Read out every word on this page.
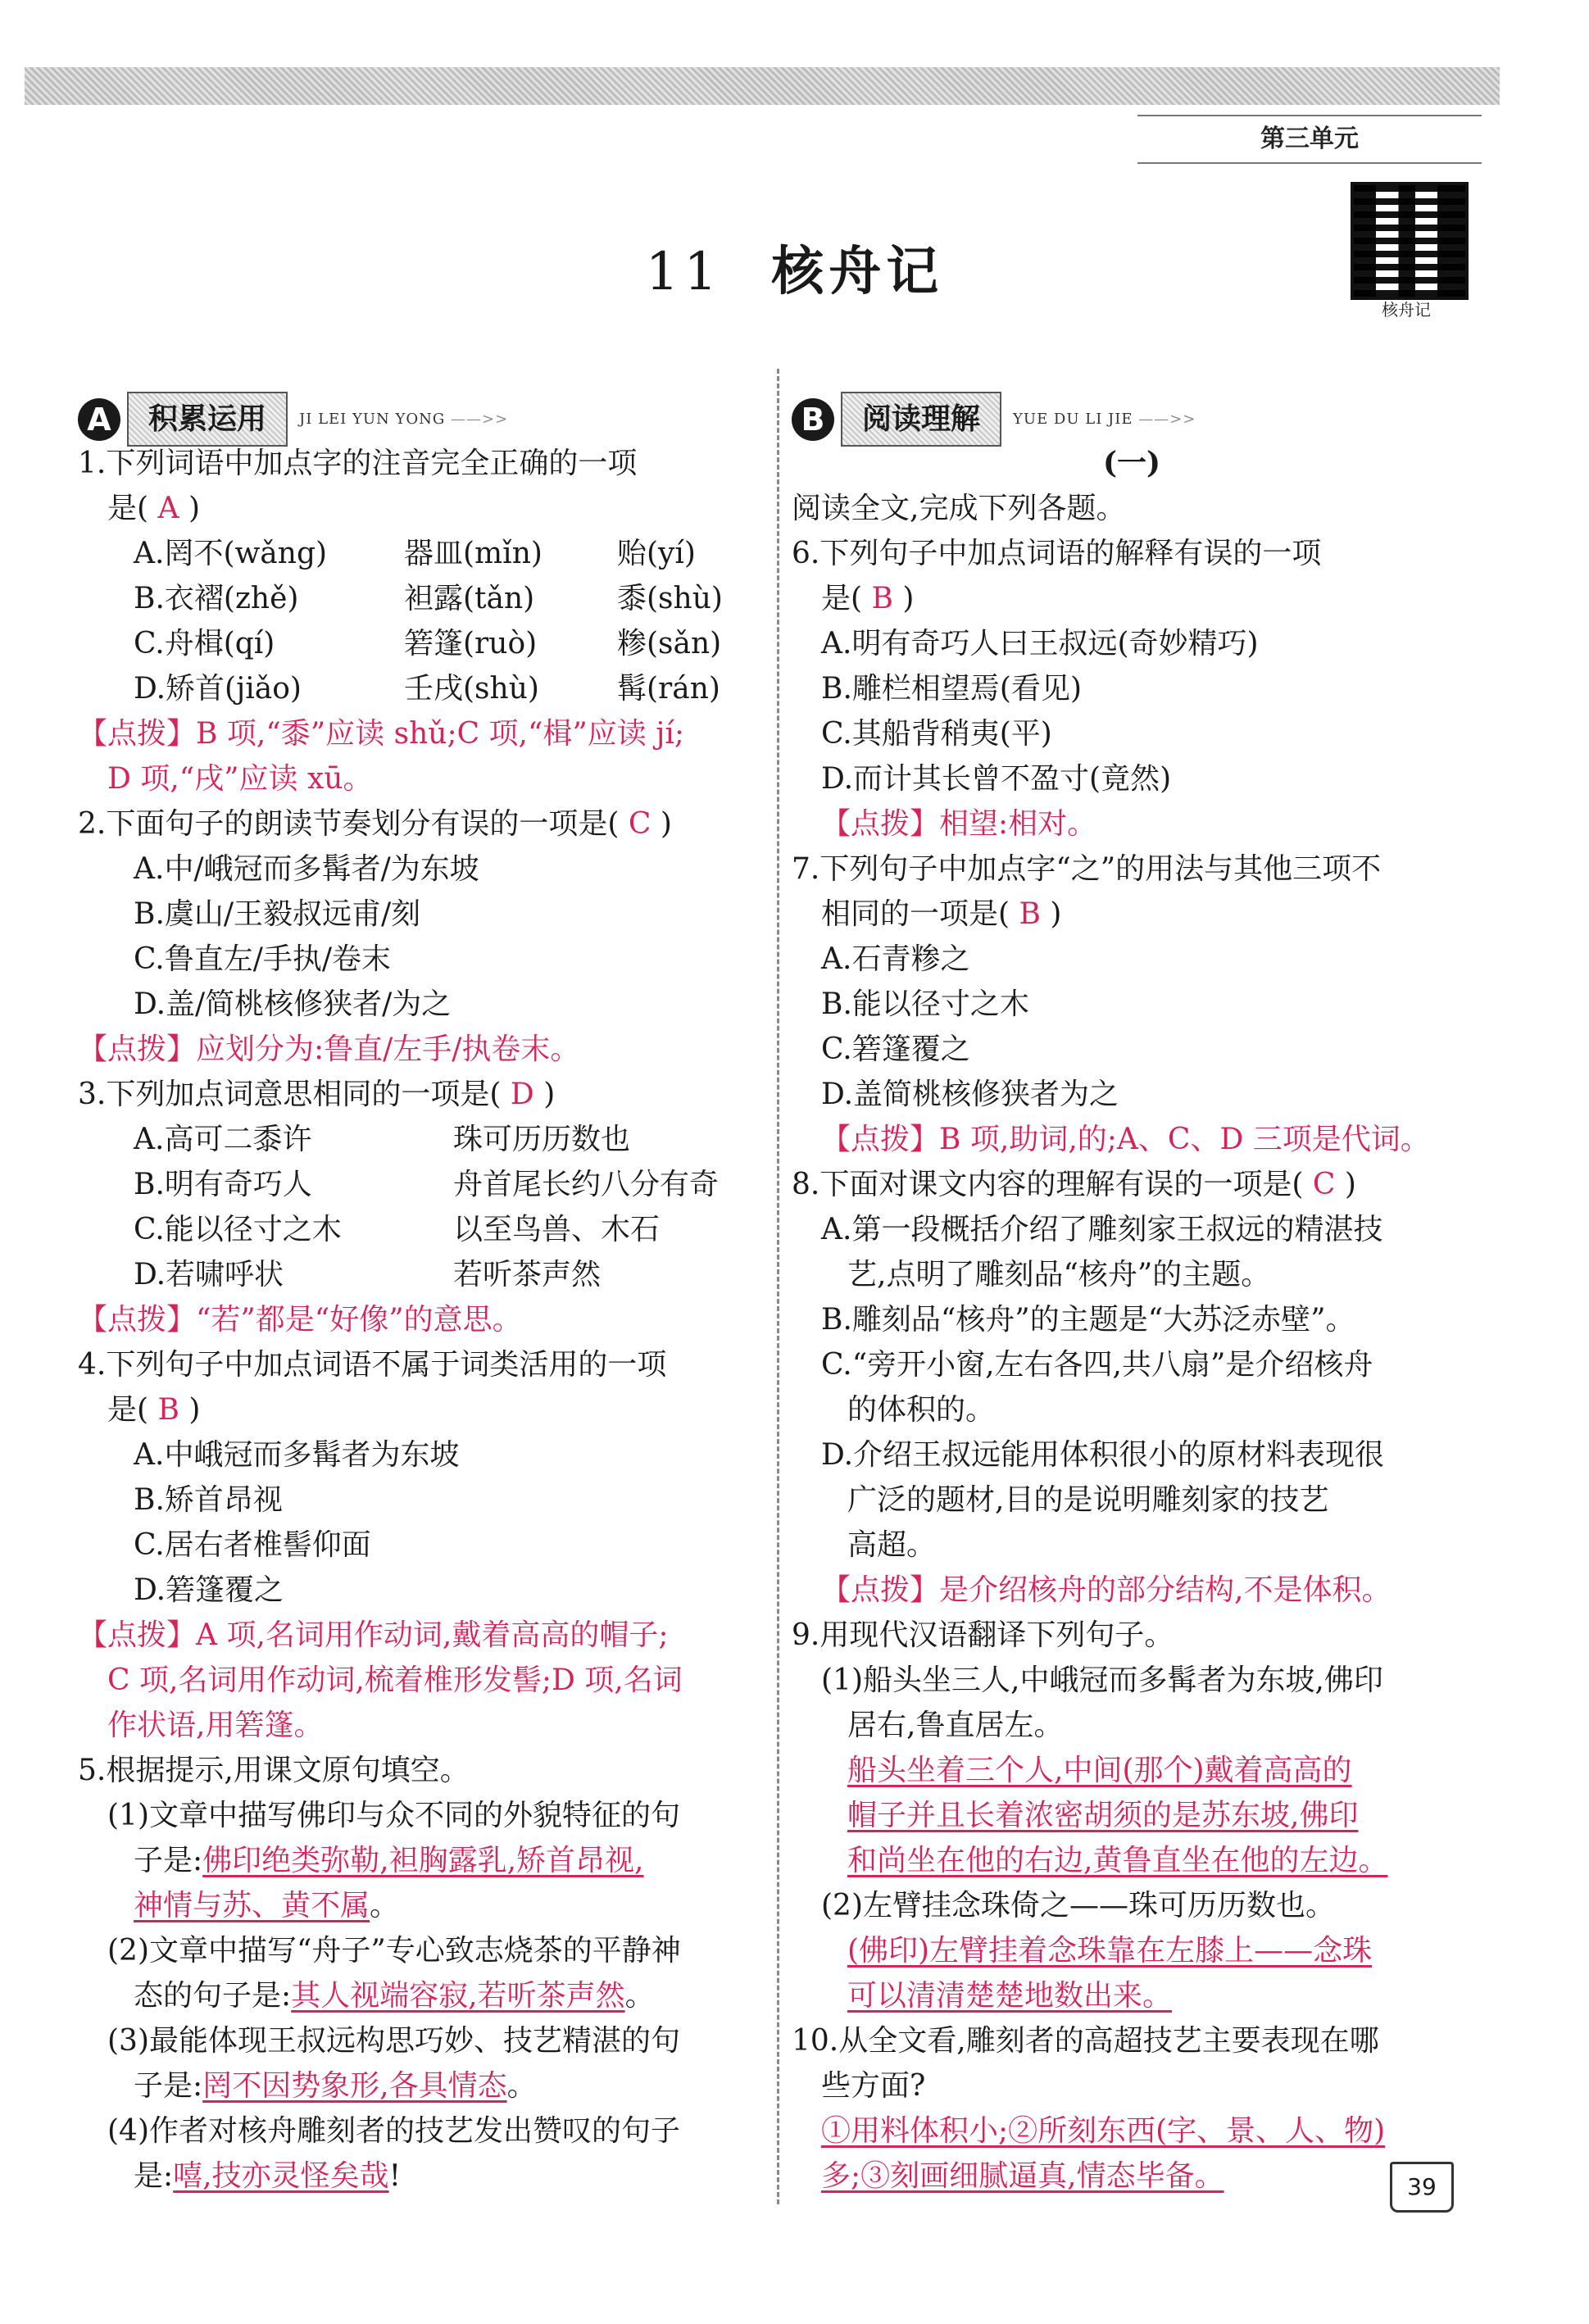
第三单元
核舟记
11 核舟记
A 积累运用 JI LEI YUN YONG ——>>

1.下列词语中加点字的注音完全正确的一项

是( A )

A.罔不(wǎng)	器皿(mǐn)	贻(yí)
B.衣褶(zhě)	袒露(tǎn)	黍(shù)
C.舟楫(qí)	箬篷(ruò)	糁(sǎn)
D.矫首(jiǎo)	壬戌(shù)	髯(rán)

【点拨】B 项,“黍”应读 shǔ;C 项,“楫”应读 jí;

D 项,“戌”应读 xū。

2.下面句子的朗读节奏划分有误的一项是( C )

A.中/峨冠而多髯者/为东坡

B.虞山/王毅叔远甫/刻

C.鲁直左/手执/卷末

D.盖/简桃核修狭者/为之

【点拨】应划分为:鲁直/左手/执卷末。

3.下列加点词意思相同的一项是( D )

A.高可二黍许	珠可历历数也
B.明有奇巧人	舟首尾长约八分有奇
C.能以径寸之木	以至鸟兽、木石
D.若啸呼状	若听茶声然

【点拨】“若”都是“好像”的意思。

4.下列句子中加点词语不属于词类活用的一项

是( B )

A.中峨冠而多髯者为东坡

B.矫首昂视

C.居右者椎髻仰面

D.箬篷覆之

【点拨】A 项,名词用作动词,戴着高高的帽子;

C 项,名词用作动词,梳着椎形发髻;D 项,名词

作状语,用箬篷。

5.根据提示,用课文原句填空。

(1)文章中描写佛印与众不同的外貌特征的句

子是:佛印绝类弥勒,袒胸露乳,矫首昂视,

神情与苏、黄不属。

(2)文章中描写“舟子”专心致志烧茶的平静神

态的句子是:其人视端容寂,若听茶声然。

(3)最能体现王叔远构思巧妙、技艺精湛的句

子是:罔不因势象形,各具情态。

(4)作者对核舟雕刻者的技艺发出赞叹的句子

是:嘻,技亦灵怪矣哉!

B 阅读理解 YUE DU LI JIE ——>>

(一)

阅读全文,完成下列各题。

6.下列句子中加点词语的解释有误的一项

是( B )

A.明有奇巧人曰王叔远(奇妙精巧)

B.雕栏相望焉(看见)

C.其船背稍夷(平)

D.而计其长曾不盈寸(竟然)

【点拨】相望:相对。

7.下列句子中加点字“之”的用法与其他三项不

相同的一项是( B )

A.石青糁之

B.能以径寸之木

C.箬篷覆之

D.盖简桃核修狭者为之

【点拨】B 项,助词,的;A、C、D 三项是代词。

8.下面对课文内容的理解有误的一项是( C )

A.第一段概括介绍了雕刻家王叔远的精湛技

艺,点明了雕刻品“核舟”的主题。

B.雕刻品“核舟”的主题是“大苏泛赤壁”。

C.“旁开小窗,左右各四,共八扇”是介绍核舟

的体积的。

D.介绍王叔远能用体积很小的原材料表现很

广泛的题材,目的是说明雕刻家的技艺

高超。

【点拨】是介绍核舟的部分结构,不是体积。

9.用现代汉语翻译下列句子。

(1)船头坐三人,中峨冠而多髯者为东坡,佛印

居右,鲁直居左。

船头坐着三个人,中间(那个)戴着高高的

帽子并且长着浓密胡须的是苏东坡,佛印

和尚坐在他的右边,黄鲁直坐在他的左边。

(2)左臂挂念珠倚之——珠可历历数也。

(佛印)左臂挂着念珠靠在左膝上——念珠

可以清清楚楚地数出来。

10.从全文看,雕刻者的高超技艺主要表现在哪

些方面?

①用料体积小;②所刻东西(字、景、人、物)

多;③刻画细腻逼真,情态毕备。	39
